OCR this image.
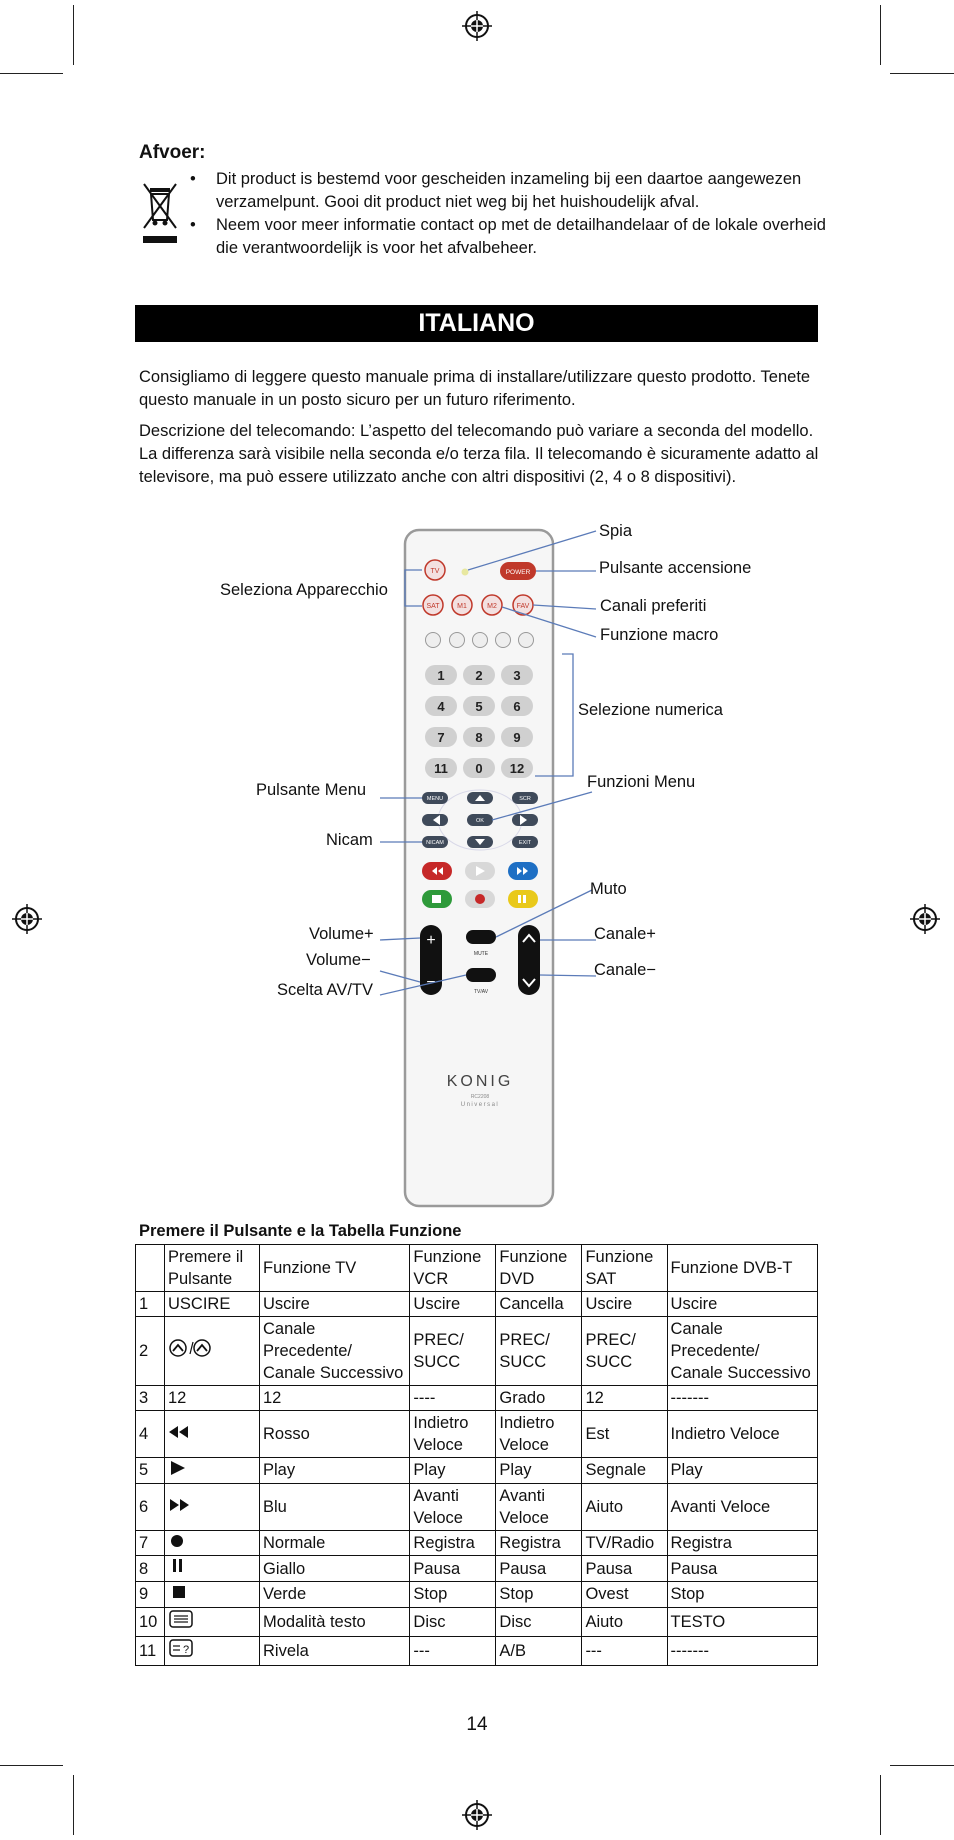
Afvoer:
• Dit product is bestemd voor gescheiden inzameling bij een daartoe aangewezen verzamelpunt. Gooi dit product niet weg bij het huishoudelijk afval.
• Neem voor meer informatie contact op met de detailhandelaar of de lokale overheid die verantwoordelijk is voor het afvalbeheer.
ITALIANO
Consigliamo di leggere questo manuale prima di installare/utilizzare questo prodotto. Tenete questo manuale in un posto sicuro per un futuro riferimento.
Descrizione del telecomando: L’aspetto del telecomando può variare a seconda del modello. La differenza sarà visibile nella seconda e/o terza fila. Il telecomando è sicuramente adatto al televisore, ma può essere utilizzato anche con altri dispositivi (2, 4 o 8 dispositivi).
TV	POWER
SAT	M1	M2	FAV
1 2 3
4 5 6
7 8 9
11 0 12
MENU	SCR
OK
NICAM	EXIT
+
−
MUTE
TV/AV
KONIG
RC2208
Universal
Spia
Pulsante accensione
Canali preferiti
Funzione macro
Seleziona Apparecchio
Selezione numerica
Pulsante Menu	Funzioni Menu
Nicam
Muto
Volume+
Volume−
Canale+
Canale−
Scelta AV/TV
Premere il Pulsante e la Tabella Funzione
	Premere il Pulsante	Funzione TV	Funzione VCR	Funzione DVD	Funzione SAT	Funzione DVB-T
1	USCIRE	Uscire	Uscire	Cancella	Uscire	Uscire
2		Canale Precedente/ Canale Successivo	PREC/ SUCC	PREC/ SUCC	PREC/ SUCC	Canale Precedente/ Canale Successivo
3	12	12	----	Grado	12	-------
4		Rosso	Indietro Veloce	Indietro Veloce	Est	Indietro Veloce
5		Play	Play	Play	Segnale	Play
6		Blu	Avanti Veloce	Avanti Veloce	Aiuto	Avanti Veloce
7		Normale	Registra	Registra	TV/Radio	Registra
8		Giallo	Pausa	Pausa	Pausa	Pausa
9		Verde	Stop	Stop	Ovest	Stop
10		Modalità testo	Disc	Disc	Aiuto	TESTO
11	?	Rivela	---	A/B	---	-------
14
